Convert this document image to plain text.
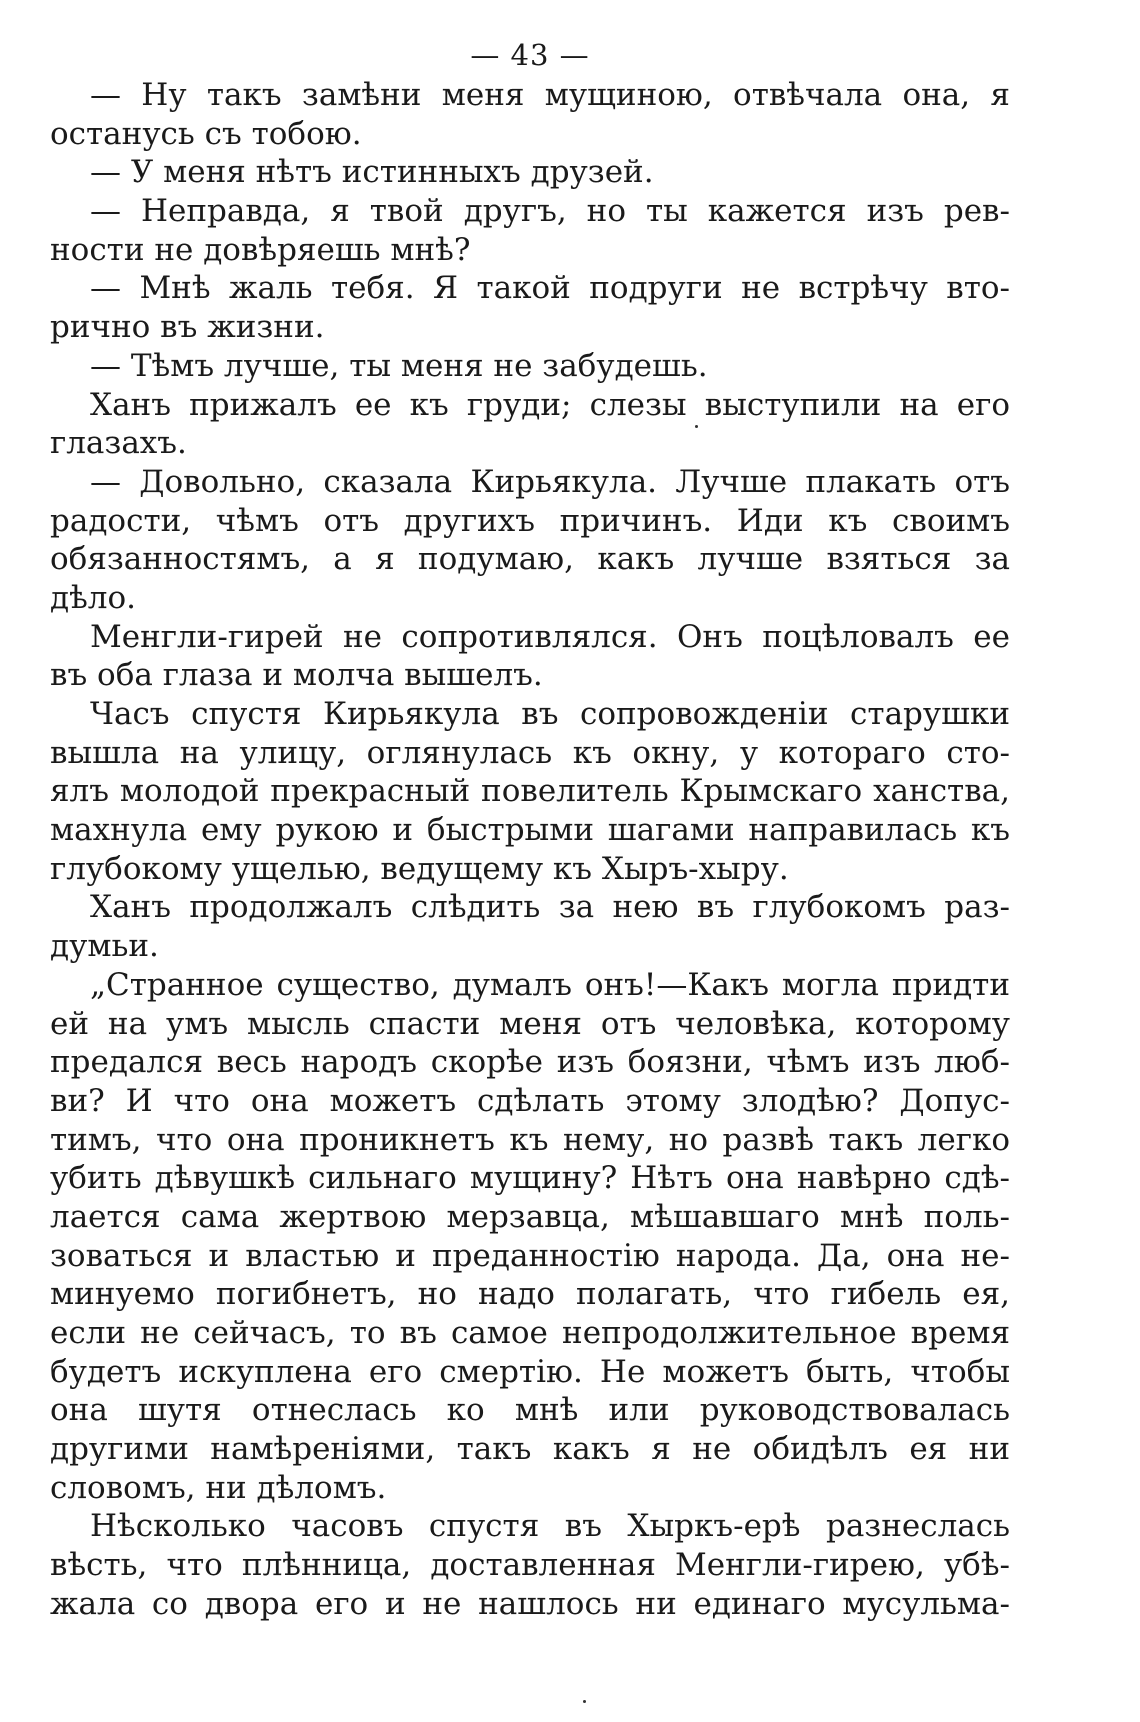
— 43 —
— Ну такъ замѣни меня мущиною, отвѣчала она, я
останусь съ тобою.
— У меня нѣтъ истинныхъ друзей.
— Неправда, я твой другъ, но ты кажется изъ рев-
ности не довѣряешь мнѣ?
— Мнѣ жаль тебя. Я такой подруги не встрѣчу вто-
рично въ жизни.
— Тѣмъ лучше, ты меня не забудешь.
Ханъ прижалъ ее къ груди; слезы выступили на его
глазахъ.
— Довольно, сказала Кирьякула. Лучше плакать отъ
радости, чѣмъ отъ другихъ причинъ. Иди къ своимъ
обязанностямъ, а я подумаю, какъ лучше взяться за
дѣло.
Менгли-гирей не сопротивлялся. Онъ поцѣловалъ ее
въ оба глаза и молча вышелъ.
Часъ спустя Кирьякула въ сопровожденіи старушки
вышла на улицу, оглянулась къ окну, у котораго сто-
ялъ молодой прекрасный повелитель Крымскаго ханства,
махнула ему рукою и быстрыми шагами направилась къ
глубокому ущелью, ведущему къ Хыръ-хыру.
Ханъ продолжалъ слѣдить за нею въ глубокомъ раз-
думьи.
„Странное существо, думалъ онъ!—Какъ могла придти
ей на умъ мысль спасти меня отъ человѣка, которому
предался весь народъ скорѣе изъ боязни, чѣмъ изъ люб-
ви? И что она можетъ сдѣлать этому злодѣю? Допус-
тимъ, что она проникнетъ къ нему, но развѣ такъ легко
убить дѣвушкѣ сильнаго мущину? Нѣтъ она навѣрно сдѣ-
лается сама жертвою мерзавца, мѣшавшаго мнѣ поль-
зоваться и властью и преданностію народа. Да, она не-
минуемо погибнетъ, но надо полагать, что гибель ея,
если не сейчасъ, то въ самое непродолжительное время
будетъ искуплена его смертію. Не можетъ быть, чтобы
она шутя отнеслась ко мнѣ или руководствовалась
другими намѣреніями, такъ какъ я не обидѣлъ ея ни
словомъ, ни дѣломъ.
Нѣсколько часовъ спустя въ Хыркъ-ерѣ разнеслась
вѣсть, что плѣнница, доставленная Менгли-гирею, убѣ-
жала со двора его и не нашлось ни единаго мусульма-
